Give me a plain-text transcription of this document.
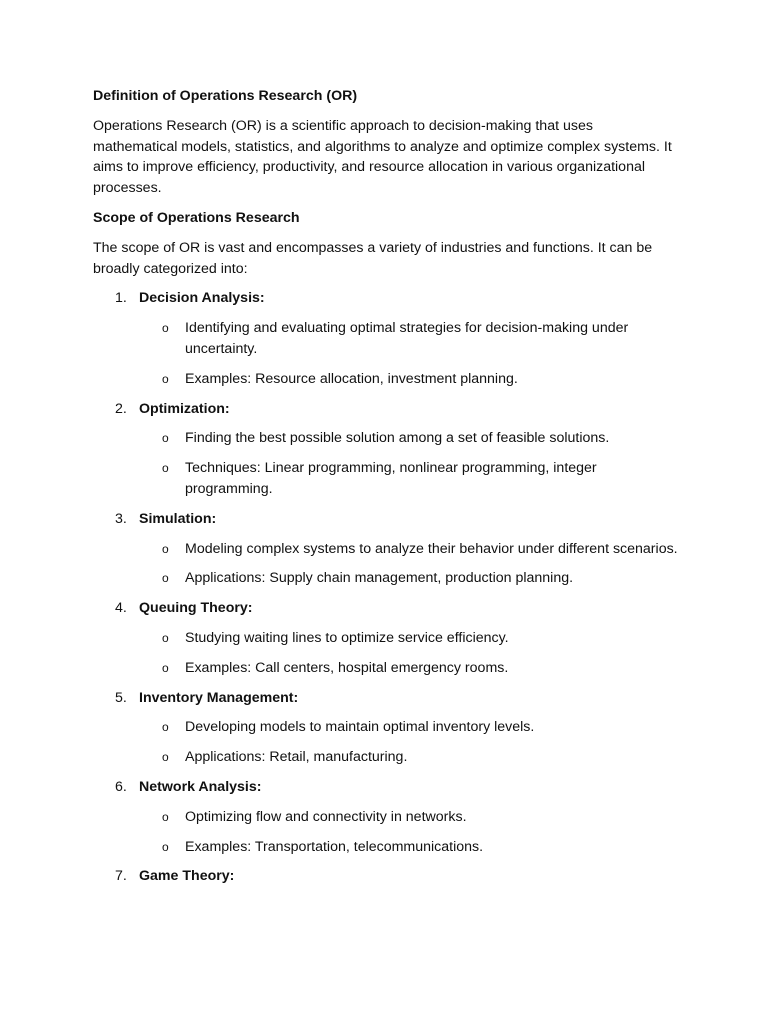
Definition of Operations Research (OR)
Operations Research (OR) is a scientific approach to decision-making that uses mathematical models, statistics, and algorithms to analyze and optimize complex systems. It aims to improve efficiency, productivity, and resource allocation in various organizational processes.
Scope of Operations Research
The scope of OR is vast and encompasses a variety of industries and functions. It can be broadly categorized into:
1. Decision Analysis:
o Identifying and evaluating optimal strategies for decision-making under uncertainty.
o Examples: Resource allocation, investment planning.
2. Optimization:
o Finding the best possible solution among a set of feasible solutions.
o Techniques: Linear programming, nonlinear programming, integer programming.
3. Simulation:
o Modeling complex systems to analyze their behavior under different scenarios.
o Applications: Supply chain management, production planning.
4. Queuing Theory:
o Studying waiting lines to optimize service efficiency.
o Examples: Call centers, hospital emergency rooms.
5. Inventory Management:
o Developing models to maintain optimal inventory levels.
o Applications: Retail, manufacturing.
6. Network Analysis:
o Optimizing flow and connectivity in networks.
o Examples: Transportation, telecommunications.
7. Game Theory:
